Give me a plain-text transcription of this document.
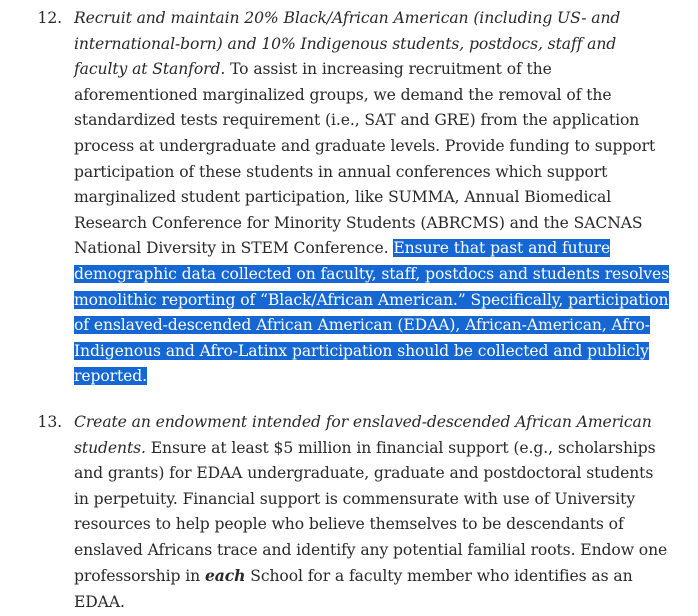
12. Recruit and maintain 20% Black/African American (including US- and international-born) and 10% Indigenous students, postdocs, staff and faculty at Stanford. To assist in increasing recruitment of the aforementioned marginalized groups, we demand the removal of the standardized tests requirement (i.e., SAT and GRE) from the application process at undergraduate and graduate levels. Provide funding to support participation of these students in annual conferences which support marginalized student participation, like SUMMA, Annual Biomedical Research Conference for Minority Students (ABRCMS) and the SACNAS National Diversity in STEM Conference. Ensure that past and future demographic data collected on faculty, staff, postdocs and students resolves monolithic reporting of “Black/African American.” Specifically, participation of enslaved-descended African American (EDAA), African-American, Afro-Indigenous and Afro-Latinx participation should be collected and publicly reported.

13. Create an endowment intended for enslaved-descended African American students. Ensure at least $5 million in financial support (e.g., scholarships and grants) for EDAA undergraduate, graduate and postdoctoral students in perpetuity. Financial support is commensurate with use of University resources to help people who believe themselves to be descendants of enslaved Africans trace and identify any potential familial roots. Endow one professorship in each School for a faculty member who identifies as an EDAA.
